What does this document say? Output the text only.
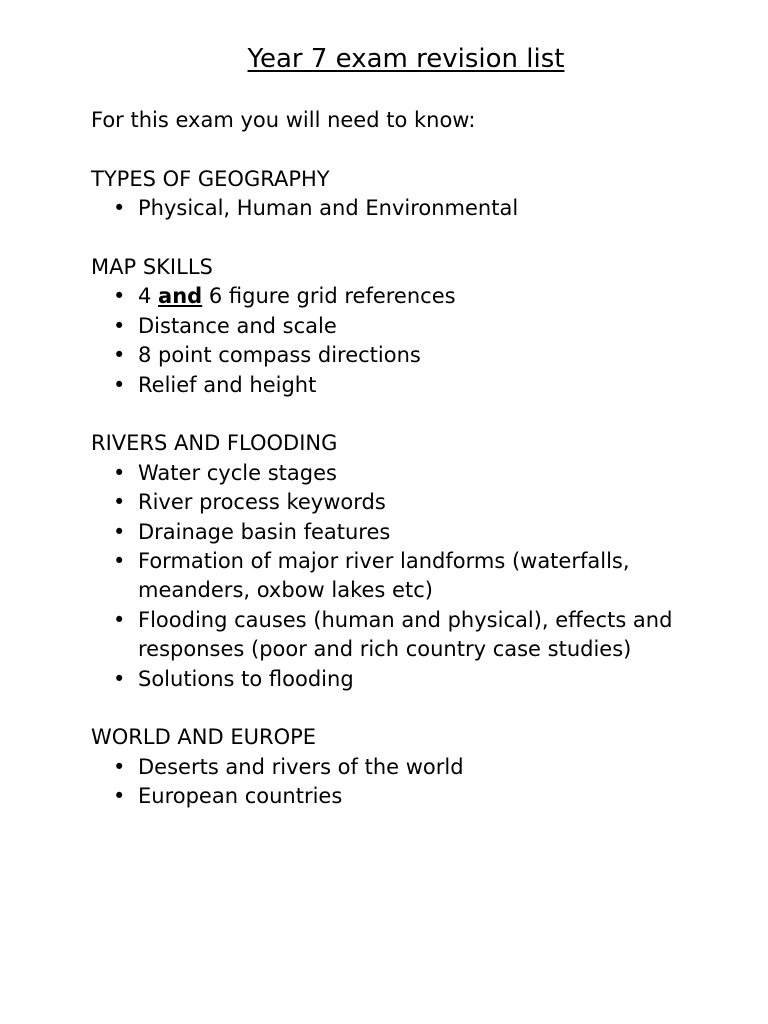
Year 7 exam revision list

For this exam you will need to know:

TYPES OF GEOGRAPHY

• Physical, Human and Environmental

MAP SKILLS

• 4 and 6 figure grid references
• Distance and scale
• 8 point compass directions
• Relief and height

RIVERS AND FLOODING

• Water cycle stages
• River process keywords
• Drainage basin features
• Formation of major river landforms (waterfalls, meanders, oxbow lakes etc)
• Flooding causes (human and physical), effects and responses (poor and rich country case studies)
• Solutions to flooding

WORLD AND EUROPE

• Deserts and rivers of the world
• European countries
